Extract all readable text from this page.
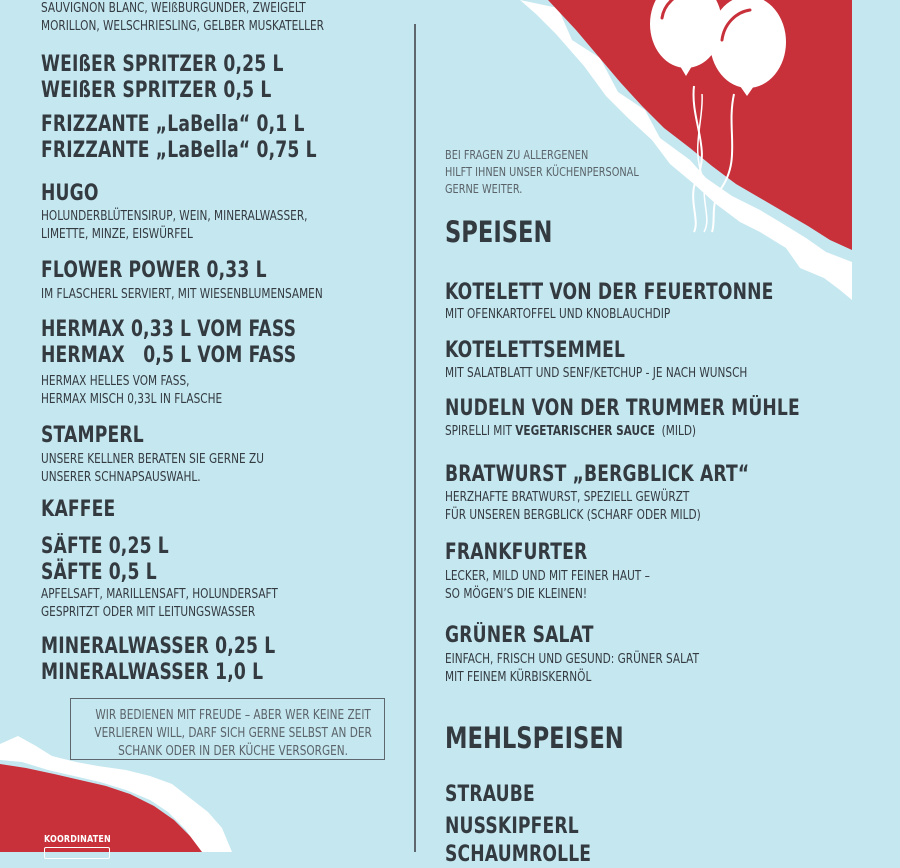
SAUVIGNON BLANC, WEIßBURGUNDER, ZWEIGELT
MORILLON, WELSCHRIESLING, GELBER MUSKATELLER
WEIßER SPRITZER 0,25 L
WEIßER SPRITZER 0,5 L
FRIZZANTE „LaBella“ 0,1 L
FRIZZANTE „LaBella“ 0,75 L
HUGO
HOLUNDERBLÜTENSIRUP, WEIN, MINERALWASSER,
LIMETTE, MINZE, EISWÜRFEL
FLOWER POWER 0,33 L
IM FLASCHERL SERVIERT, MIT WIESENBLUMENSAMEN
HERMAX 0,33 L VOM FASS
HERMAX   0,5 L VOM FASS
HERMAX HELLES VOM FASS,
HERMAX MISCH 0,33L IN FLASCHE
STAMPERL
UNSERE KELLNER BERATEN SIE GERNE ZU
UNSERER SCHNAPSAUSWAHL.
KAFFEE
SÄFTE 0,25 L
SÄFTE 0,5 L
APFELSAFT, MARILLENSAFT, HOLUNDERSAFT
GESPRITZT ODER MIT LEITUNGSWASSER
MINERALWASSER 0,25 L
MINERALWASSER 1,0 L
WIR BEDIENEN MIT FREUDE – ABER WER KEINE ZEIT
VERLIEREN WILL, DARF SICH GERNE SELBST AN DER
SCHANK ODER IN DER KÜCHE VERSORGEN.
KOORDINATEN
BEI FRAGEN ZU ALLERGENEN
HILFT IHNEN UNSER KÜCHENPERSONAL
GERNE WEITER.
SPEISEN
KOTELETT VON DER FEUERTONNE
MIT OFENKARTOFFEL UND KNOBLAUCHDIP
KOTELETTSEMMEL
MIT SALATBLATT UND SENF/KETCHUP - JE NACH WUNSCH
NUDELN VON DER TRUMMER MÜHLE
SPIRELLI MIT VEGETARISCHER SAUCE  (MILD)
BRATWURST „BERGBLICK ART“
HERZHAFTE BRATWURST, SPEZIELL GEWÜRZT
FÜR UNSEREN BERGBLICK (SCHARF ODER MILD)
FRANKFURTER
LECKER, MILD UND MIT FEINER HAUT –
SO MÖGEN’S DIE KLEINEN!
GRÜNER SALAT
EINFACH, FRISCH UND GESUND: GRÜNER SALAT
MIT FEINEM KÜRBISKERNÖL
MEHLSPEISEN
STRAUBE
NUSSKIPFERL
SCHAUMROLLE
